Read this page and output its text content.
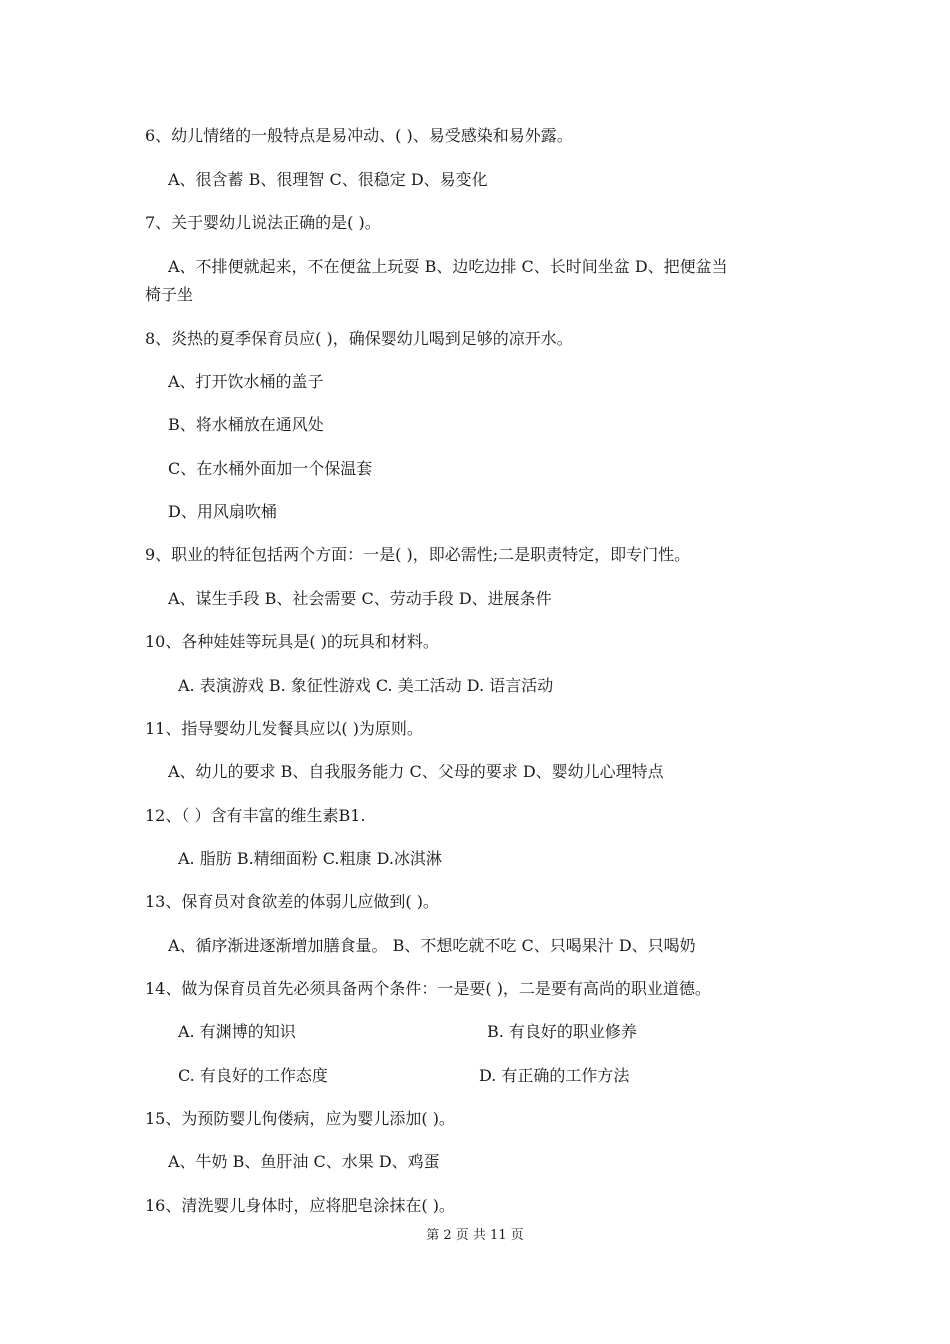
6、幼儿情绪的一般特点是易冲动、( )、易受感染和易外露。
A、很含蓄 B、很理智 C、很稳定 D、易变化
7、关于婴幼儿说法正确的是( )。
A、不排便就起来，不在便盆上玩耍 B、边吃边排 C、长时间坐盆 D、把便盆当
椅子坐
8、炎热的夏季保育员应( )，确保婴幼儿喝到足够的凉开水。
A、打开饮水桶的盖子
B、将水桶放在通风处
C、在水桶外面加一个保温套
D、用风扇吹桶
9、职业的特征包括两个方面：一是( )，即必需性;二是职责特定，即专门性。
A、谋生手段 B、社会需要 C、劳动手段 D、进展条件
10、各种娃娃等玩具是( )的玩具和材料。
A. 表演游戏 B. 象征性游戏 C. 美工活动 D. 语言活动
11、指导婴幼儿发餐具应以( )为原则。
A、幼儿的要求 B、自我服务能力 C、父母的要求 D、婴幼儿心理特点
12、（ ）含有丰富的维生素B1.
A. 脂肪 B.精细面粉 C.粗康 D.冰淇淋
13、保育员对食欲差的体弱儿应做到( )。
A、循序渐进逐渐增加膳食量。 B、不想吃就不吃 C、只喝果汁 D、只喝奶
14、做为保育员首先必须具备两个条件：一是要( )，二是要有高尚的职业道德。
A. 有渊博的知识	B. 有良好的职业修养
C. 有良好的工作态度	D. 有正确的工作方法
15、为预防婴儿佝偻病，应为婴儿添加( )。
A、牛奶 B、鱼肝油 C、水果 D、鸡蛋
16、清洗婴儿身体时，应将肥皂涂抹在( )。
第 2 页 共 11 页
